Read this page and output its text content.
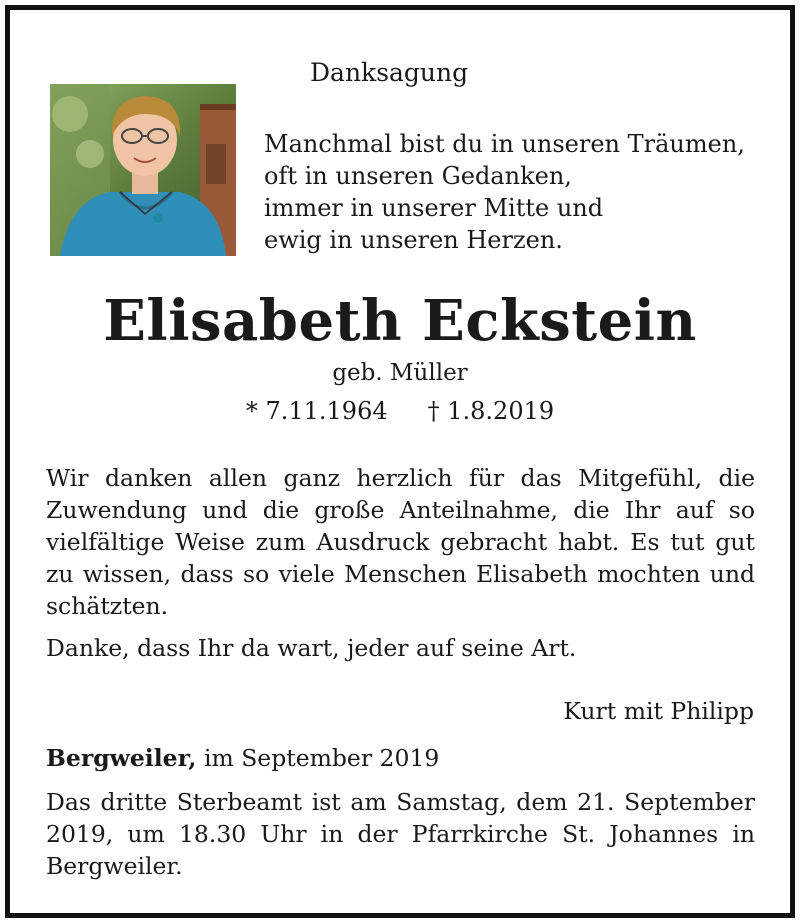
Danksagung
Manchmal bist du in unseren Träumen,
oft in unseren Gedanken,
immer in unserer Mitte und
ewig in unseren Herzen.
Elisabeth Eckstein
geb. Müller
* 7.11.1964 † 1.8.2019
Wir danken allen ganz herzlich für das Mitgefühl, die Zuwendung und die große Anteilnahme, die Ihr auf so vielfältige Weise zum Ausdruck gebracht habt. Es tut gut zu wissen, dass so viele Menschen Elisabeth mochten und schätzten.
Danke, dass Ihr da wart, jeder auf seine Art.
Kurt mit Philipp
Bergweiler, im September 2019
Das dritte Sterbeamt ist am Samstag, dem 21. September 2019, um 18.30 Uhr in der Pfarrkirche St. Johannes in Bergweiler.
